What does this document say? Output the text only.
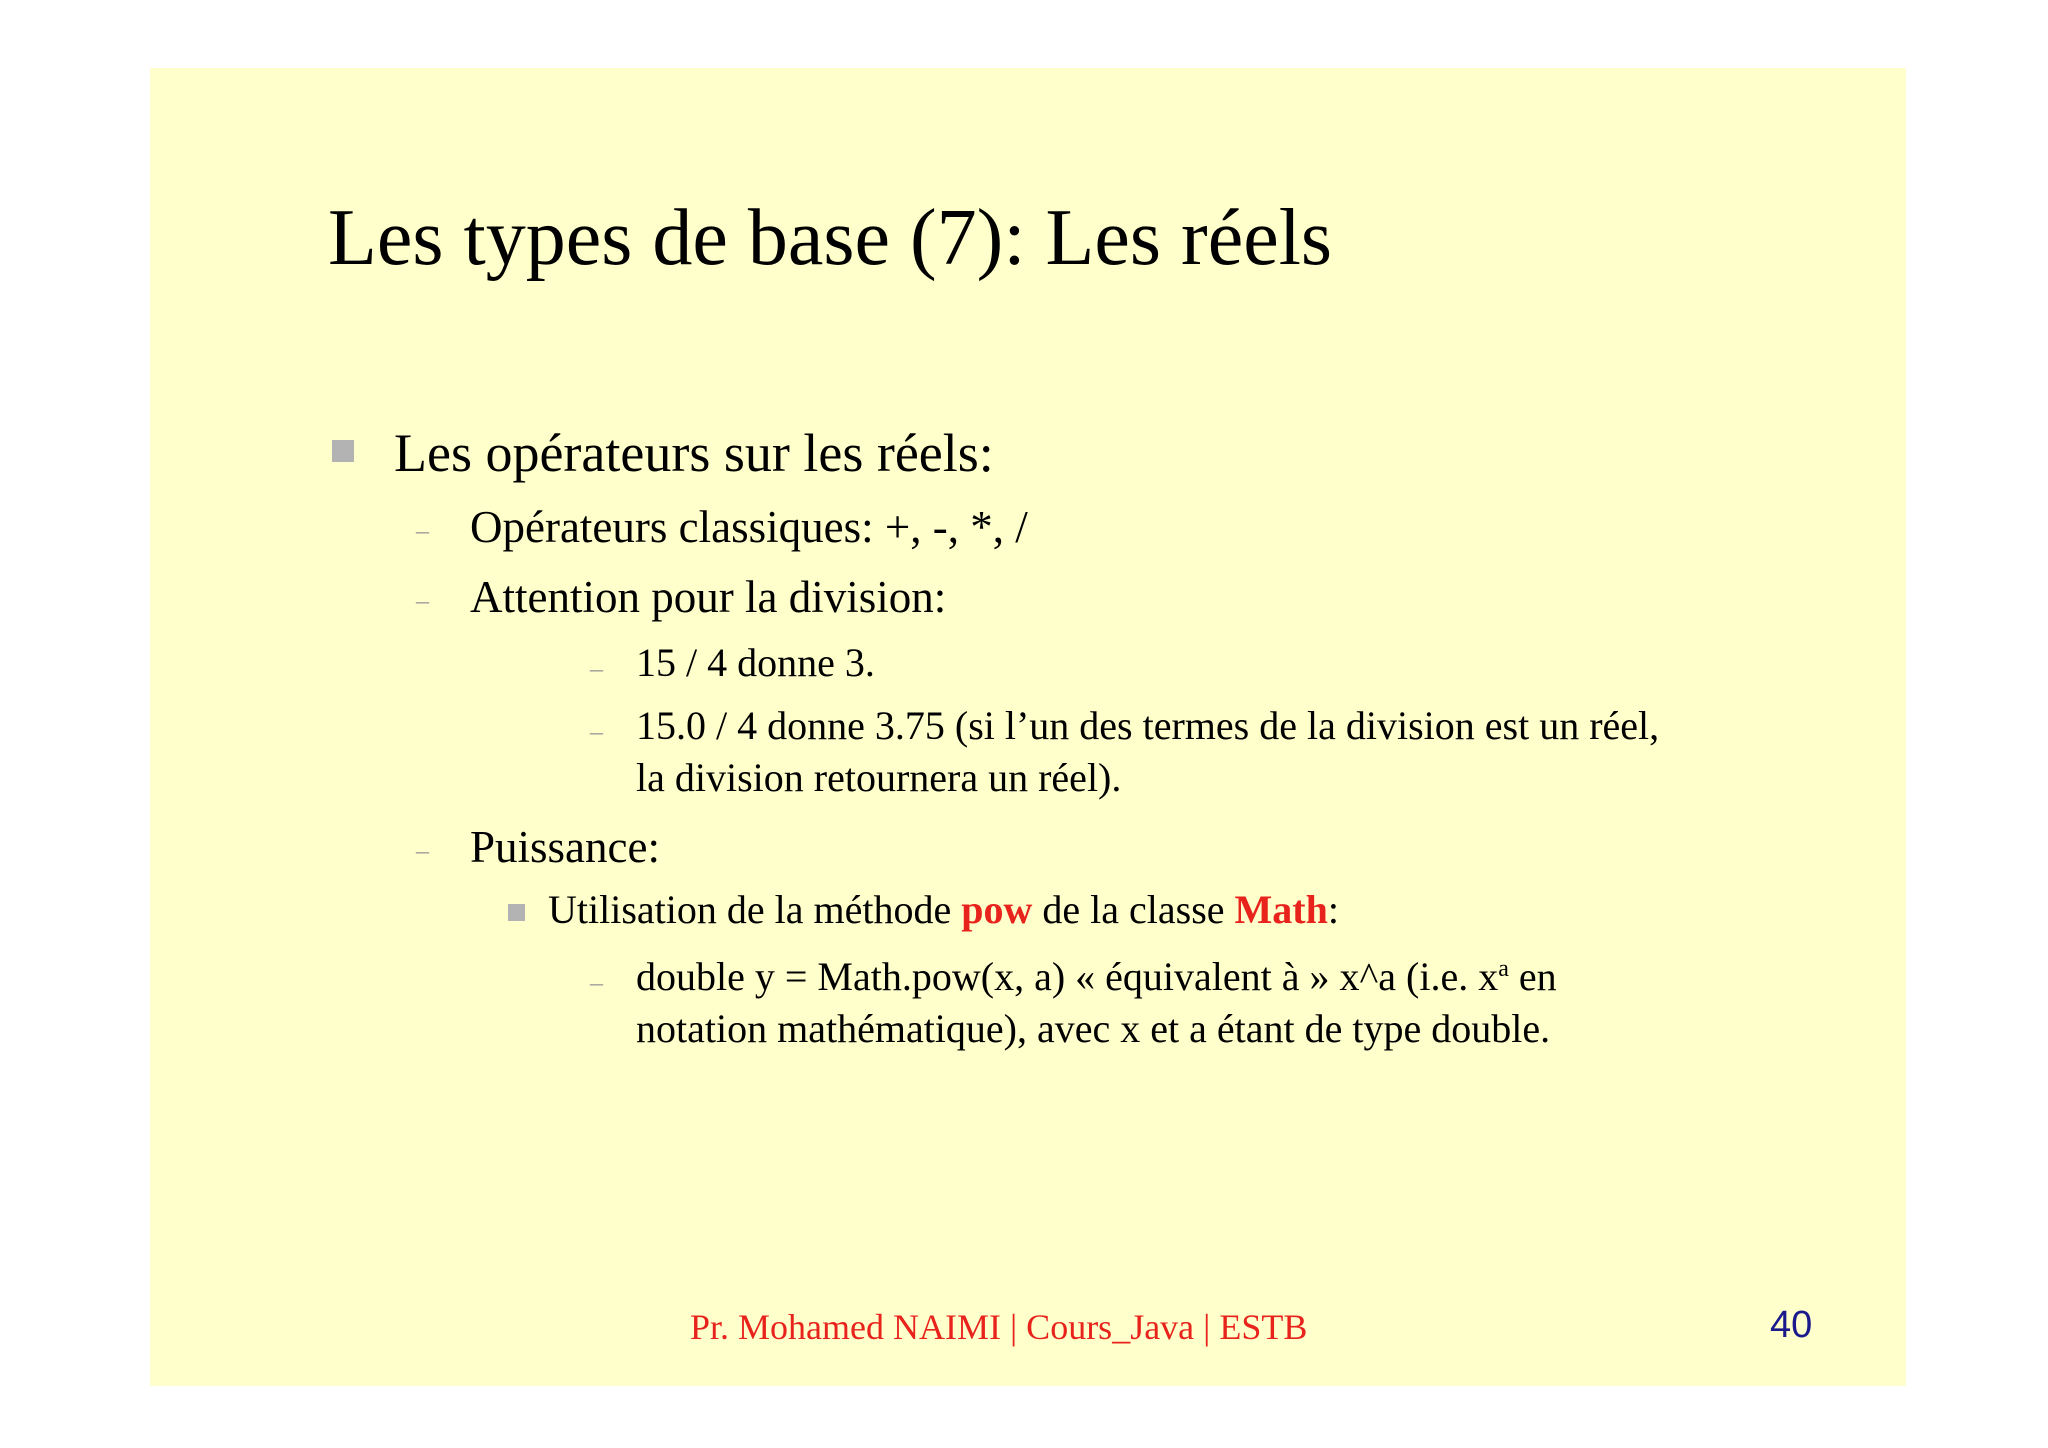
Les types de base (7): Les réels
Les opérateurs sur les réels:
– Opérateurs classiques: +, -, *, /
– Attention pour la division:
– 15 / 4 donne 3.
– 15.0 / 4 donne 3.75 (si l’un des termes de la division est un réel,
la division retournera un réel).
– Puissance:
Utilisation de la méthode pow de la classe Math:
– double y = Math.pow(x, a) « équivalent à » x^a (i.e. $x^a$ en
notation mathématique), avec x et a étant de type double.
Pr. Mohamed NAIMI | Cours_Java | ESTB	40
